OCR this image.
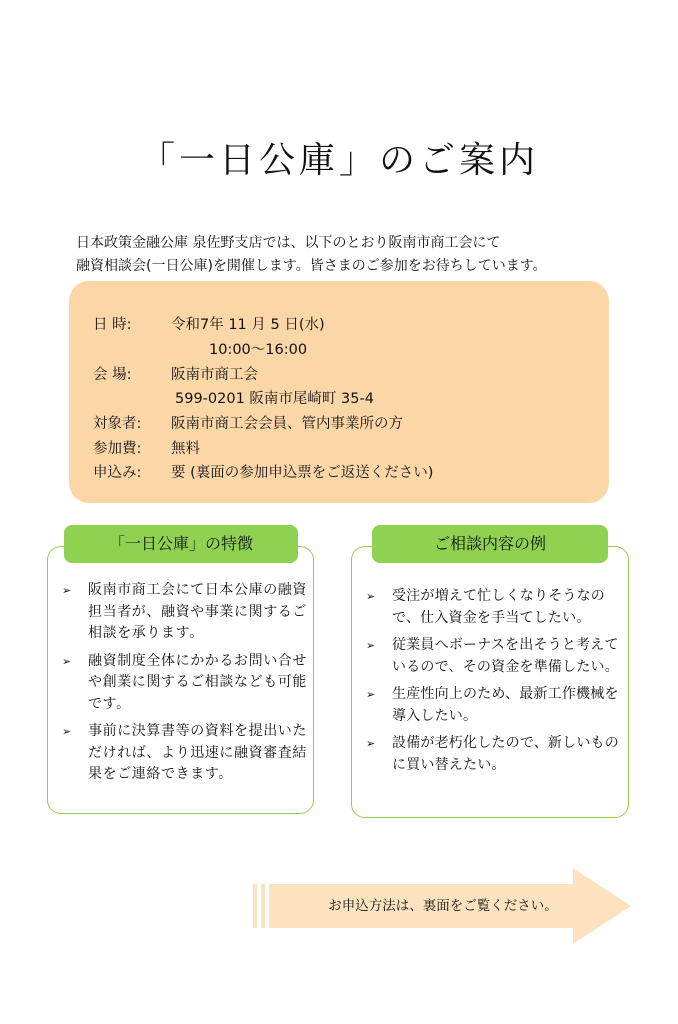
「一日公庫」のご案内
日本政策金融公庫 泉佐野支店では、以下のとおり阪南市商工会にて
融資相談会(一日公庫)を開催します。皆さまのご参加をお待ちしています。
日 時:	令和7年 11 月 5 日(水)
10:00〜16:00
会 場:	阪南市商工会
599-0201 阪南市尾崎町 35-4
対象者: 阪南市商工会会員、管内事業所の方
参加費: 無料
申込み: 要 (裏面の参加申込票をご返送ください)
「一日公庫」の特徴
➢ 阪南市商工会にて日本公庫の融資担当者が、融資や事業に関するご相談を承ります。
➢ 融資制度全体にかかるお問い合せや創業に関するご相談なども可能です。
➢ 事前に決算書等の資料を提出いただければ、より迅速に融資審査結果をご連絡できます。
ご相談内容の例
➢ 受注が増えて忙しくなりそうなので、仕入資金を手当てしたい。
➢ 従業員へボーナスを出そうと考えているので、その資金を準備したい。
➢ 生産性向上のため、最新工作機械を導入したい。
➢ 設備が老朽化したので、新しいものに買い替えたい。
お申込方法は、裏面をご覧ください。
